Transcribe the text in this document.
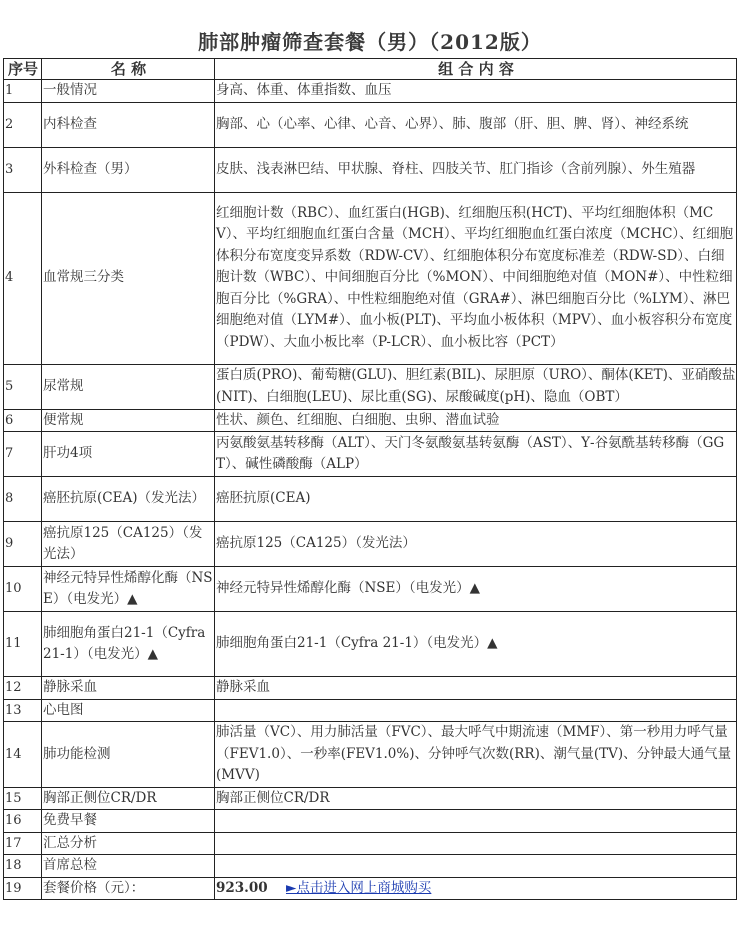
肺部肿瘤筛查套餐（男）（2012版）
序号	名 称	组 合 内 容
1	一般情况	身高、体重、体重指数、血压
2	内科检查	胸部、心（心率、心律、心音、心界）、肺、腹部（肝、胆、脾、肾）、神经系统
3	外科检查（男）	皮肤、浅表淋巴结、甲状腺、脊柱、四肢关节、肛门指诊（含前列腺）、外生殖器
4	血常规三分类	红细胞计数（RBC）、血红蛋白(HGB)、红细胞压积(HCT)、平均红细胞体积（MCV）、平均红细胞血红蛋白含量（MCH）、平均红细胞血红蛋白浓度（MCHC）、红细胞体积分布宽度变异系数（RDW-CV）、红细胞体积分布宽度标准差（RDW-SD）、白细胞计数（WBC）、中间细胞百分比（%MON）、中间细胞绝对值（MON#）、中性粒细胞百分比（%GRA）、中性粒细胞绝对值（GRA#）、淋巴细胞百分比（%LYM）、淋巴细胞绝对值（LYM#）、血小板(PLT)、平均血小板体积（MPV）、血小板容积分布宽度（PDW）、大血小板比率（P-LCR）、血小板比容（PCT）
5	尿常规	蛋白质(PRO)、葡萄糖(GLU)、胆红素(BIL)、尿胆原（URO）、酮体(KET)、亚硝酸盐(NIT)、白细胞(LEU)、尿比重(SG)、尿酸碱度(pH)、隐血（OBT）
6	便常规	性状、颜色、红细胞、白细胞、虫卵、潜血试验
7	肝功4项	丙氨酸氨基转移酶（ALT）、天门冬氨酸氨基转氨酶（AST）、Υ-谷氨酰基转移酶（GGT）、碱性磷酸酶（ALP）
8	癌胚抗原(CEA)（发光法）	癌胚抗原(CEA)
9	癌抗原125（CA125）（发光法）	癌抗原125（CA125）（发光法）
10	神经元特异性烯醇化酶（NSE）（电发光）▲	神经元特异性烯醇化酶（NSE）（电发光）▲
11	肺细胞角蛋白21-1（Cyfra 21-1）（电发光）▲	肺细胞角蛋白21-1（Cyfra 21-1）（电发光）▲
12	静脉采血	静脉采血
13	心电图	
14	肺功能检测	肺活量（VC）、用力肺活量（FVC）、最大呼气中期流速（MMF）、第一秒用力呼气量（FEV1.0）、一秒率(FEV1.0%)、分钟呼气次数(RR)、潮气量(TV)、分钟最大通气量(MVV)
15	胸部正侧位CR/DR	胸部正侧位CR/DR
16	免费早餐	
17	汇总分析	
18	首席总检	
19	套餐价格（元）：	923.00 ►点击进入网上商城购买
